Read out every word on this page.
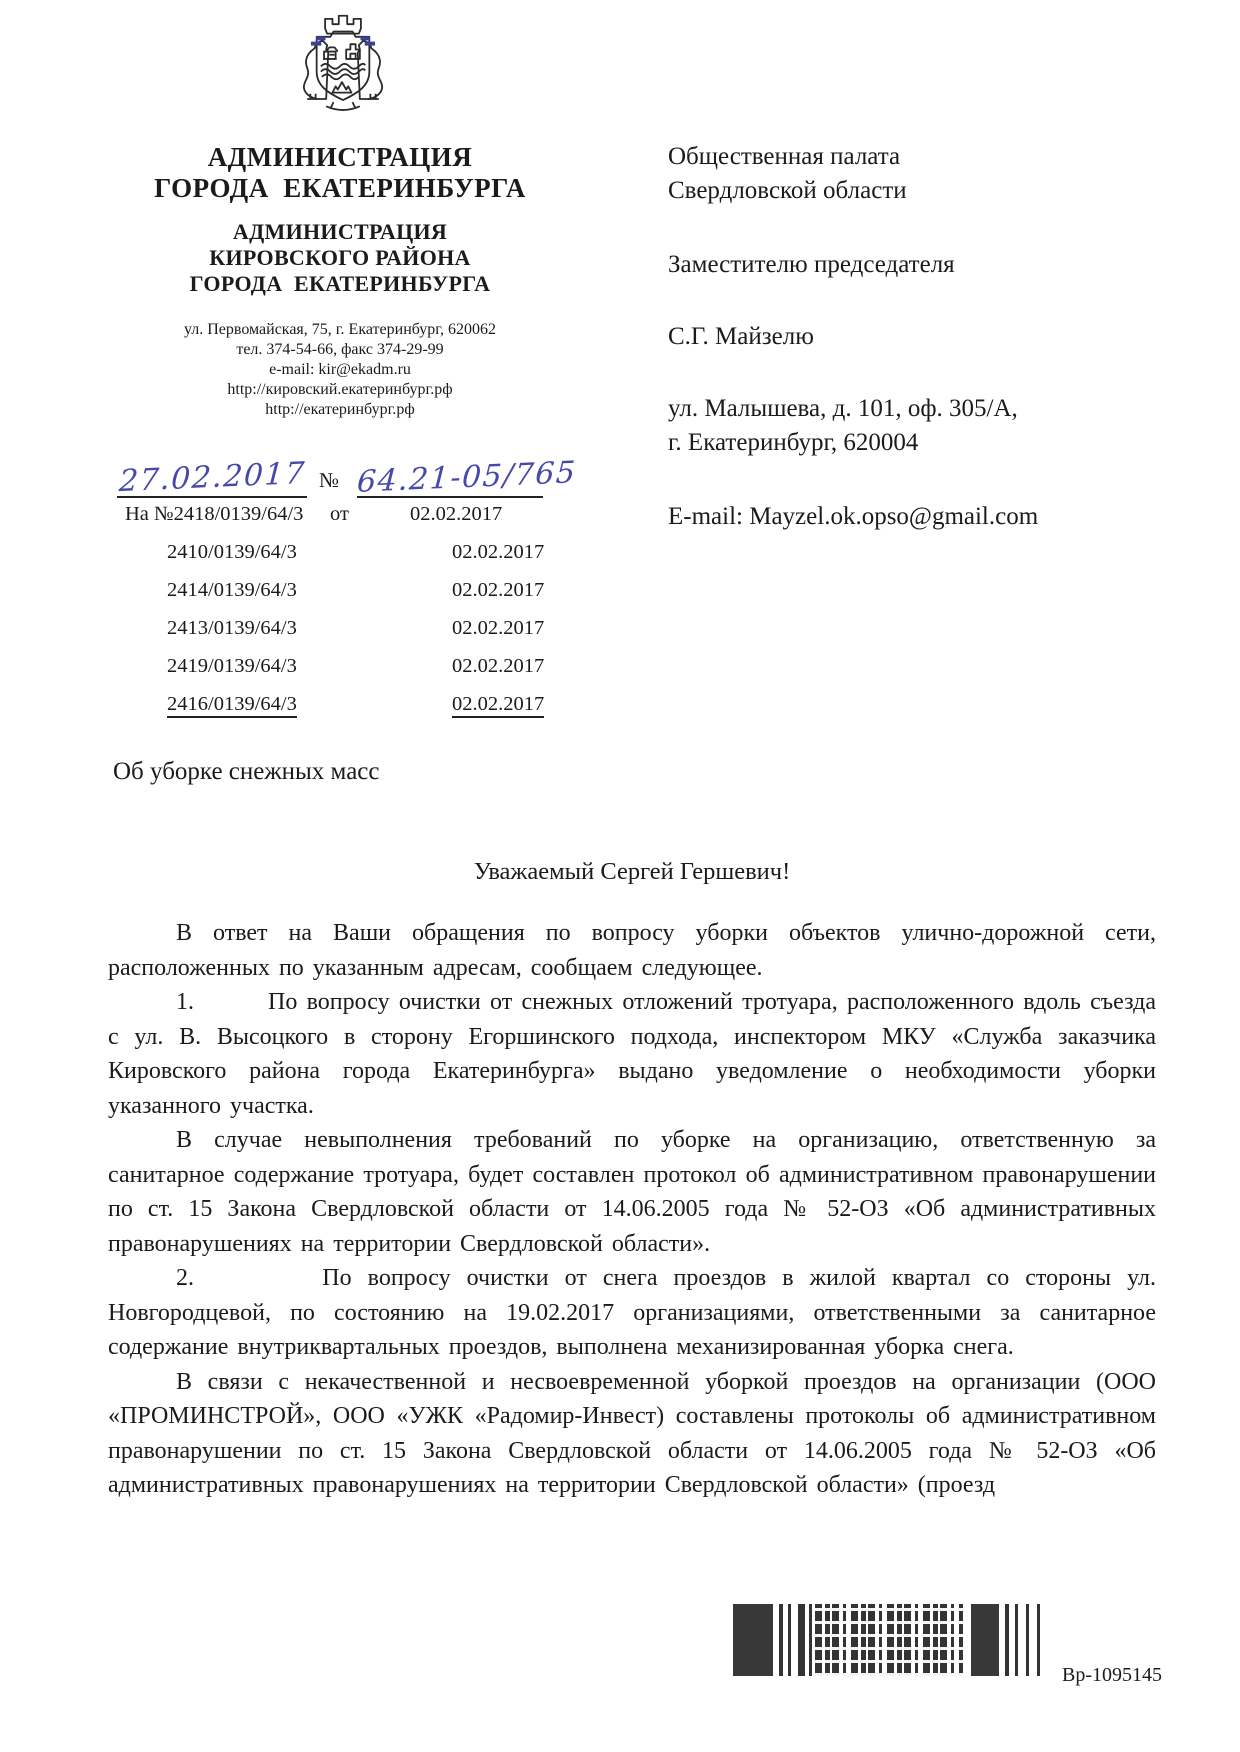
АДМИНИСТРАЦИЯ
ГОРОДА  ЕКАТЕРИНБУРГА
АДМИНИСТРАЦИЯ
КИРОВСКОГО РАЙОНА
ГОРОДА  ЕКАТЕРИНБУРГА
ул. Первомайская, 75, г. Екатеринбург, 620062
тел. 374-54-66, факс 374-29-99
e-mail: kir@ekadm.ru
http://кировский.екатеринбург.рф
http://екатеринбург.рф
Общественная палата
Свердловской области
Заместителю председателя
С.Г. Майзелю
ул. Малышева, д. 101, оф. 305/А,
г. Екатеринбург, 620004
E-mail: Mayzel.ok.opso@gmail.com
27.02.2017 № 64.21-05/765
На №2418/0139/64/3	от	02.02.2017
2410/0139/64/3	02.02.2017
2414/0139/64/3	02.02.2017
2413/0139/64/3	02.02.2017
2419/0139/64/3	02.02.2017
2416/0139/64/3	02.02.2017
Об уборке снежных масс
Уважаемый Сергей Гершевич!

В ответ на Ваши обращения по вопросу уборки объектов улично-дорожной сети, расположенных по указанным адресам, сообщаем следующее.

1.        По вопросу очистки от снежных отложений тротуара, расположенного вдоль съезда с ул. В. Высоцкого в сторону Егоршинского подхода, инспектором МКУ «Служба заказчика Кировского района города Екатеринбурга» выдано уведомление о необходимости уборки указанного участка.

В случае невыполнения требований по уборке на организацию, ответственную за санитарное содержание тротуара, будет составлен протокол об административном правонарушении по ст. 15 Закона Свердловской области от 14.06.2005 года № 52-ОЗ «Об административных правонарушениях на территории Свердловской области».

2.        По вопросу очистки от снега проездов в жилой квартал со стороны ул. Новгородцевой, по состоянию на 19.02.2017 организациями, ответственными за санитарное содержание внутриквартальных проездов, выполнена механизированная уборка снега.

В связи с некачественной и несвоевременной уборкой проездов на организации (ООО «ПРОМИНСТРОЙ», ООО «УЖК «Радомир-Инвест) составлены протоколы об административном правонарушении по ст. 15 Закона Свердловской области от 14.06.2005 года № 52-ОЗ «Об административных правонарушениях на территории Свердловской области» (проезд

Вр-1095145
